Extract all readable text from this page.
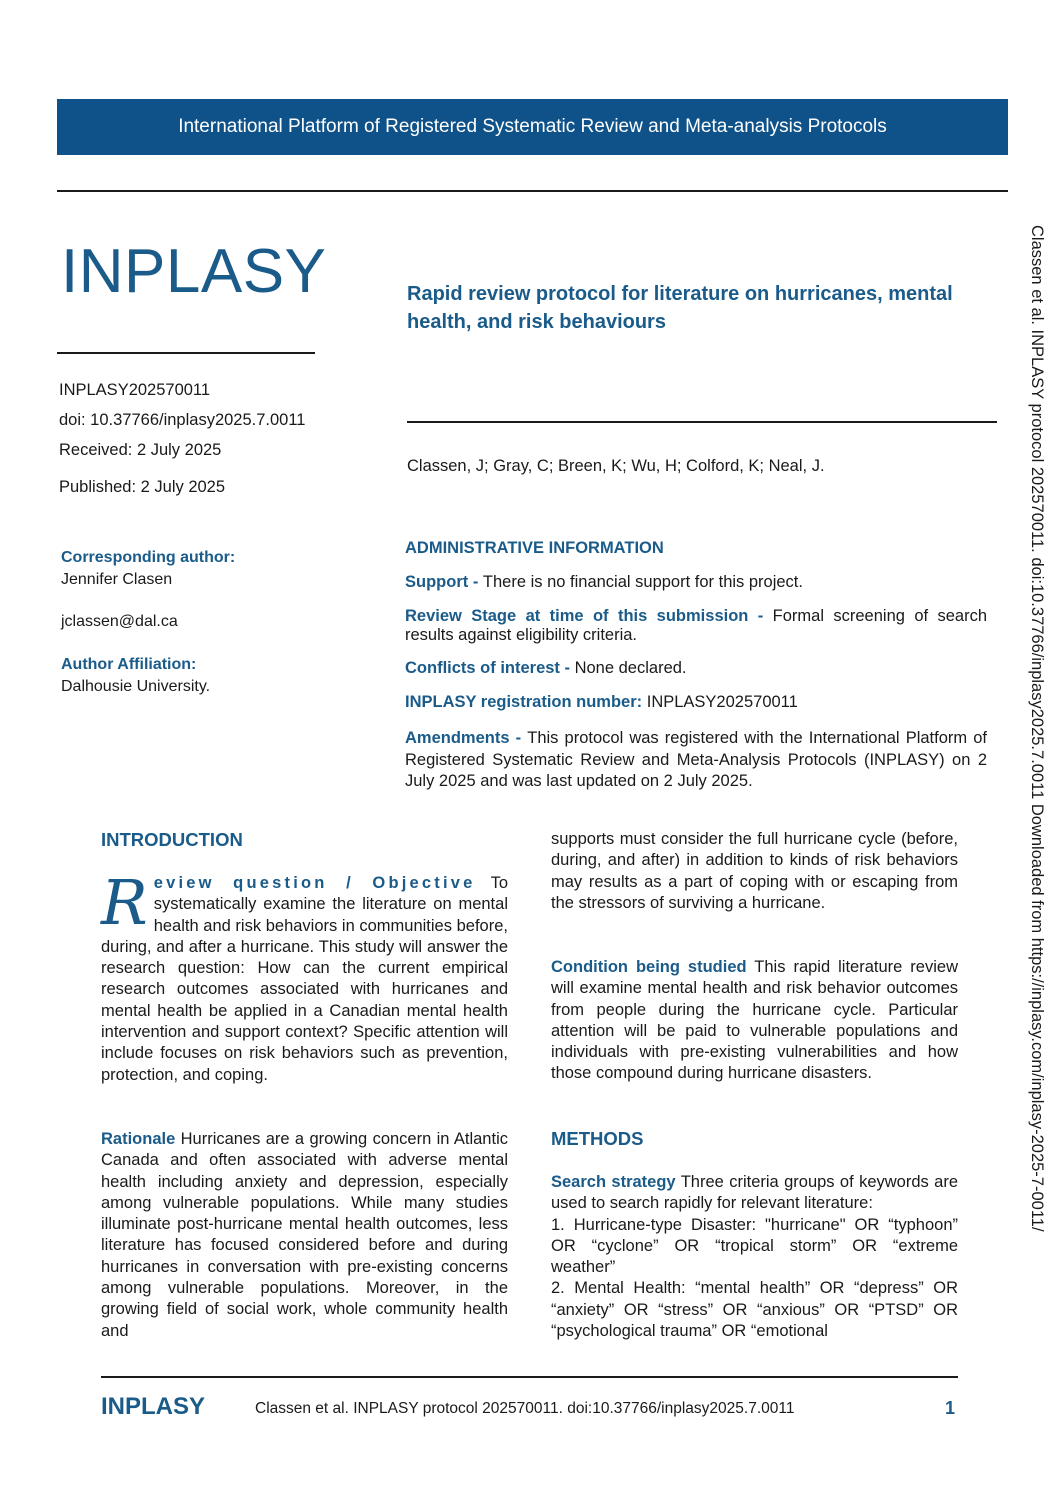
International Platform of Registered Systematic Review and Meta-analysis Protocols
INPLASY	Rapid review protocol for literature on hurricanes, mental health, and risk behaviours
INPLASY202570011
doi: 10.37766/inplasy2025.7.0011
Received: 2 July 2025
Published: 2 July 2025
Classen, J; Gray, C; Breen, K; Wu, H; Colford, K; Neal, J.
Corresponding author:
Jennifer Clasen
jclassen@dal.ca
Author Affiliation:
Dalhousie University.
ADMINISTRATIVE INFORMATION
Support - There is no financial support for this project.
Review Stage at time of this submission - Formal screening of search results against eligibility criteria.
Conflicts of interest - None declared.
INPLASY registration number: INPLASY202570011
Amendments - This protocol was registered with the International Platform of Registered Systematic Review and Meta-Analysis Protocols (INPLASY) on 2 July 2025 and was last updated on 2 July 2025.
INTRODUCTION
R eview question / Objective To systematically examine the literature on mental health and risk behaviors in communities before, during, and after a hurricane. This study will answer the research question: How can the current empirical research outcomes associated with hurricanes and mental health be applied in a Canadian mental health intervention and support context? Specific attention will include focuses on risk behaviors such as prevention, protection, and coping.
Rationale Hurricanes are a growing concern in Atlantic Canada and often associated with adverse mental health including anxiety and depression, especially among vulnerable populations. While many studies illuminate post-hurricane mental health outcomes, less literature has focused considered before and during hurricanes in conversation with pre-existing concerns among vulnerable populations. Moreover, in the growing field of social work, whole community health and
supports must consider the full hurricane cycle (before, during, and after) in addition to kinds of risk behaviors may results as a part of coping with or escaping from the stressors of surviving a hurricane.
Condition being studied This rapid literature review will examine mental health and risk behavior outcomes from people during the hurricane cycle. Particular attention will be paid to vulnerable populations and individuals with pre-existing vulnerabilities and how those compound during hurricane disasters.
METHODS

Search strategy Three criteria groups of keywords are used to search rapidly for relevant literature:

1. Hurricane-type Disaster: "hurricane" OR “typhoon” OR “cyclone” OR “tropical storm” OR “extreme weather”

2. Mental Health: “mental health” OR “depress” OR “anxiety” OR “stress” OR “anxious” OR “PTSD” OR “psychological trauma” OR “emotional

Classen et al. INPLASY protocol 202570011. doi:10.37766/inplasy2025.7.0011 Downloaded from https://inplasy.com/inplasy-2025-7-0011/
INPLASY	Classen et al. INPLASY protocol 202570011. doi:10.37766/inplasy2025.7.0011	1
